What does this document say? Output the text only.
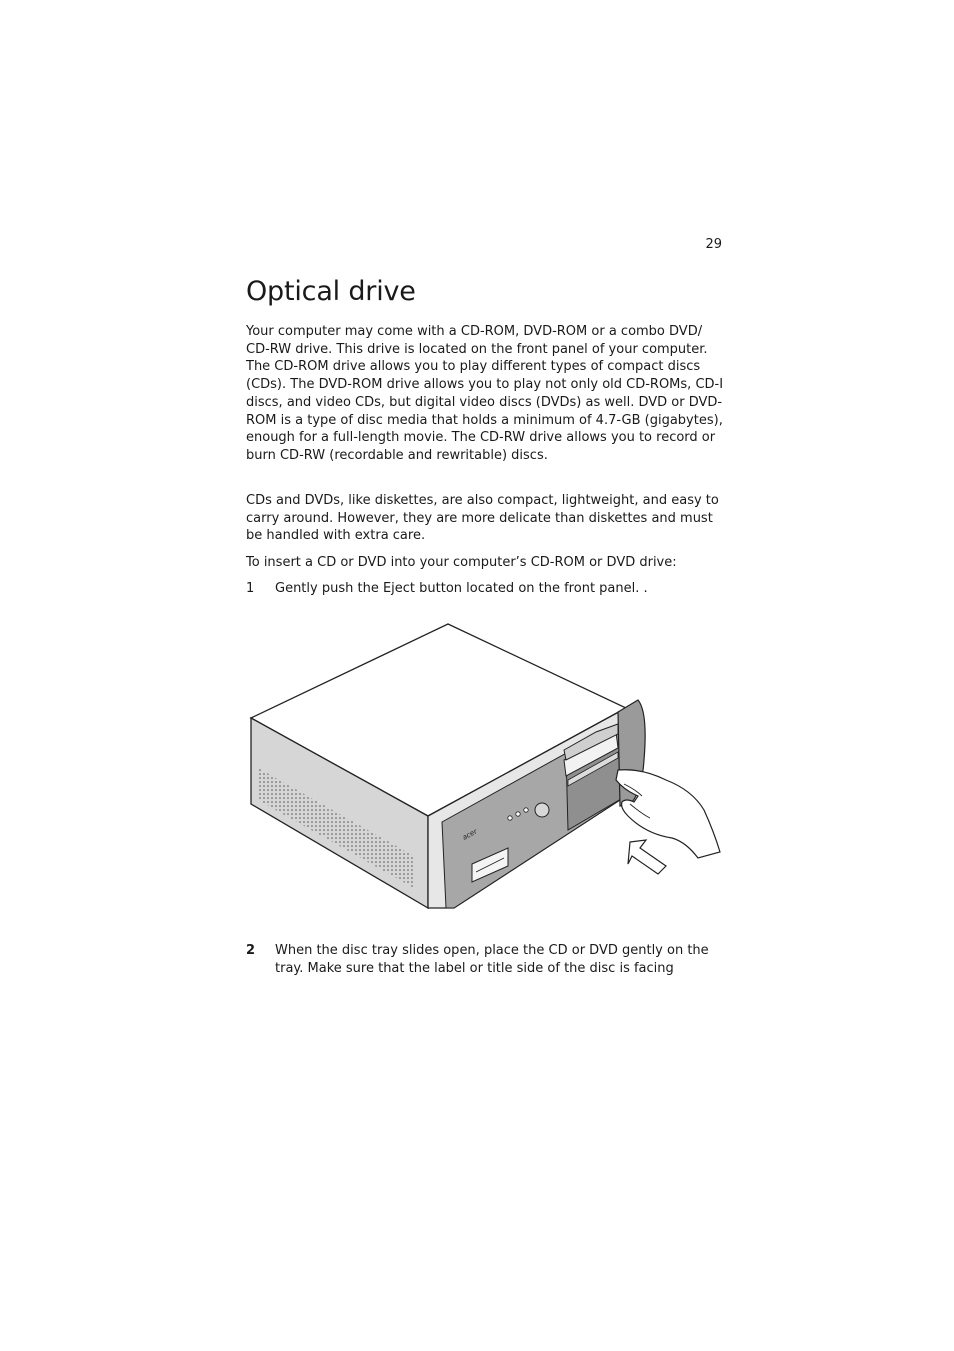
29
Optical drive

Your computer may come with a CD-ROM, DVD-ROM or a combo DVD/ CD-RW drive. This drive is located on the front panel of your computer. The CD-ROM drive allows you to play different types of compact discs (CDs). The DVD-ROM drive allows you to play not only old CD-ROMs, CD-I discs, and video CDs, but digital video discs (DVDs) as well. DVD or DVD-ROM is a type of disc media that holds a minimum of 4.7-GB (gigabytes), enough for a full-length movie. The CD-RW drive allows you to record or burn CD-RW (recordable and rewritable) discs.

CDs and DVDs, like diskettes, are also compact, lightweight, and easy to carry around. However, they are more delicate than diskettes and must be handled with extra care.

To insert a CD or DVD into your computer’s CD-ROM or DVD drive:

1	Gently push the Eject button located on the front panel. .
acer
2	When the disc tray slides open, place the CD or DVD gently on the tray. Make sure that the label or title side of the disc is facing
